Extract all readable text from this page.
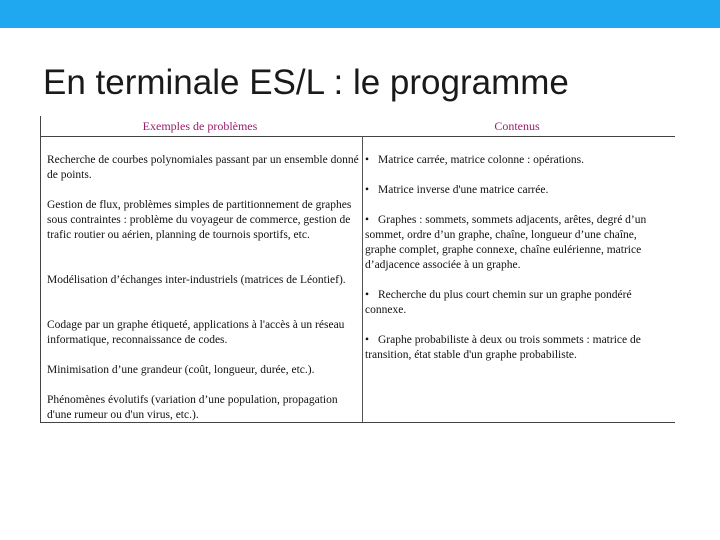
En terminale ES/L : le programme
Exemples de problèmes	Contenus

Recherche de courbes polynomiales passant par un ensemble donné de points.

Gestion de flux, problèmes simples de partitionnement de graphes sous contraintes : problème du voyageur de commerce, gestion de trafic routier ou aérien, planning de tournois sportifs, etc.

Modélisation d’échanges inter-industriels (matrices de Léontief).

Codage par un graphe étiqueté, applications à l'accès à un réseau informatique, reconnaissance de codes.

Minimisation d’une grandeur (coût, longueur, durée, etc.).

Phénomènes évolutifs (variation d’une population, propagation d'une rumeur ou d'un virus, etc.).

• Matrice carrée, matrice colonne : opérations.

• Matrice inverse d'une matrice carrée.

• Graphes : sommets, sommets adjacents, arêtes, degré d’un sommet, ordre d’un graphe, chaîne, longueur d’une chaîne, graphe complet, graphe connexe, chaîne eulérienne, matrice d’adjacence associée à un graphe.

• Recherche du plus court chemin sur un graphe pondéré connexe.

• Graphe probabiliste à deux ou trois sommets : matrice de transition, état stable d'un graphe probabiliste.
